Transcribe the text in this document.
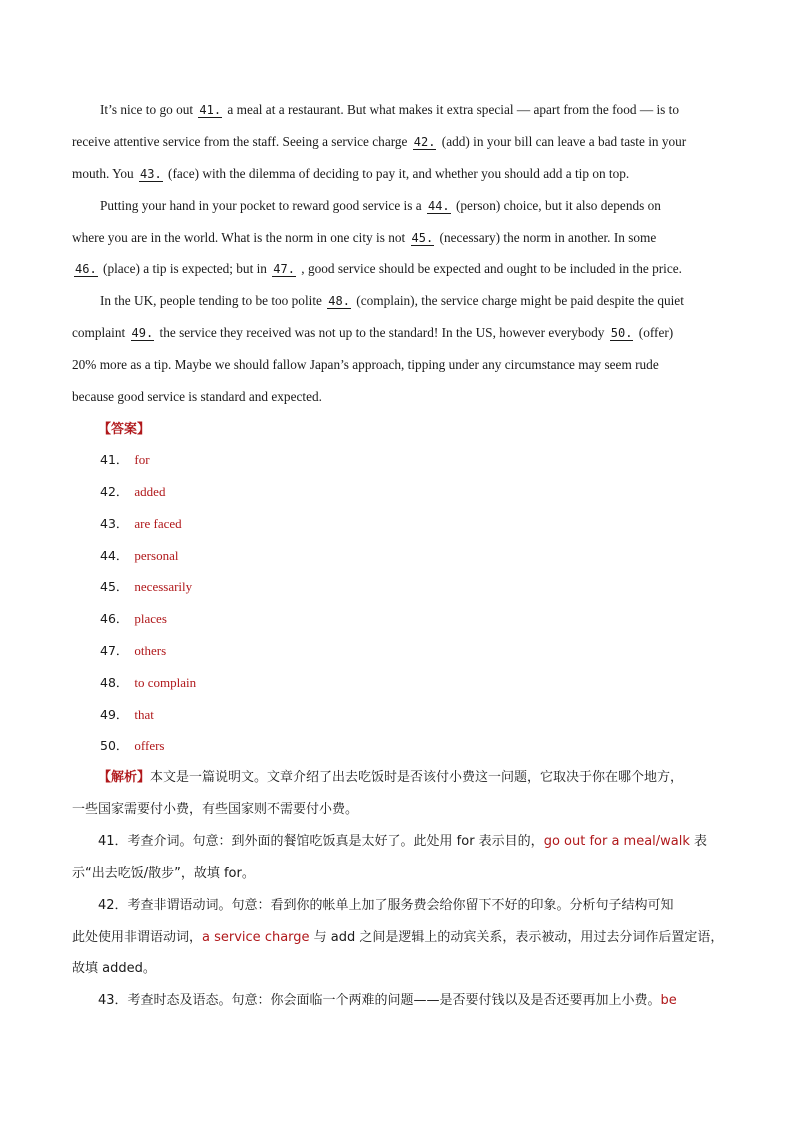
It’s nice to go out 41. a meal at a restaurant. But what makes it extra special — apart from the food — is to
receive attentive service from the staff. Seeing a service charge 42. (add) in your bill can leave a bad taste in your
mouth. You 43. (face) with the dilemma of deciding to pay it, and whether you should add a tip on top.
Putting your hand in your pocket to reward good service is a 44. (person) choice, but it also depends on
where you are in the world. What is the norm in one city is not 45. (necessary) the norm in another. In some
46. (place) a tip is expected; but in 47. , good service should be expected and ought to be included in the price.
In the UK, people tending to be too polite 48. (complain), the service charge might be paid despite the quiet
complaint 49. the service they received was not up to the standard! In the US, however everybody 50. (offer)
20% more as a tip. Maybe we should fallow Japan’s approach, tipping under any circumstance may seem rude
because good service is standard and expected.
【答案】
41． for
42． added
43． are faced
44． personal
45． necessarily
46． places
47． others
48． to complain
49． that
50． offers
【解析】本文是一篇说明文。文章介绍了出去吃饭时是否该付小费这一问题，它取决于你在哪个地方，
一些国家需要付小费，有些国家则不需要付小费。
41．考查介词。句意：到外面的餐馆吃饭真是太好了。此处用 for 表示目的，go out for a meal/walk 表
示“出去吃饭/散步”，故填 for。
42．考查非谓语动词。句意：看到你的帐单上加了服务费会给你留下不好的印象。分析句子结构可知
此处使用非谓语动词，a service charge 与 add 之间是逻辑上的动宾关系，表示被动，用过去分词作后置定语，
故填 added。
43．考查时态及语态。句意：你会面临一个两难的问题——是否要付钱以及是否还要再加上小费。be
